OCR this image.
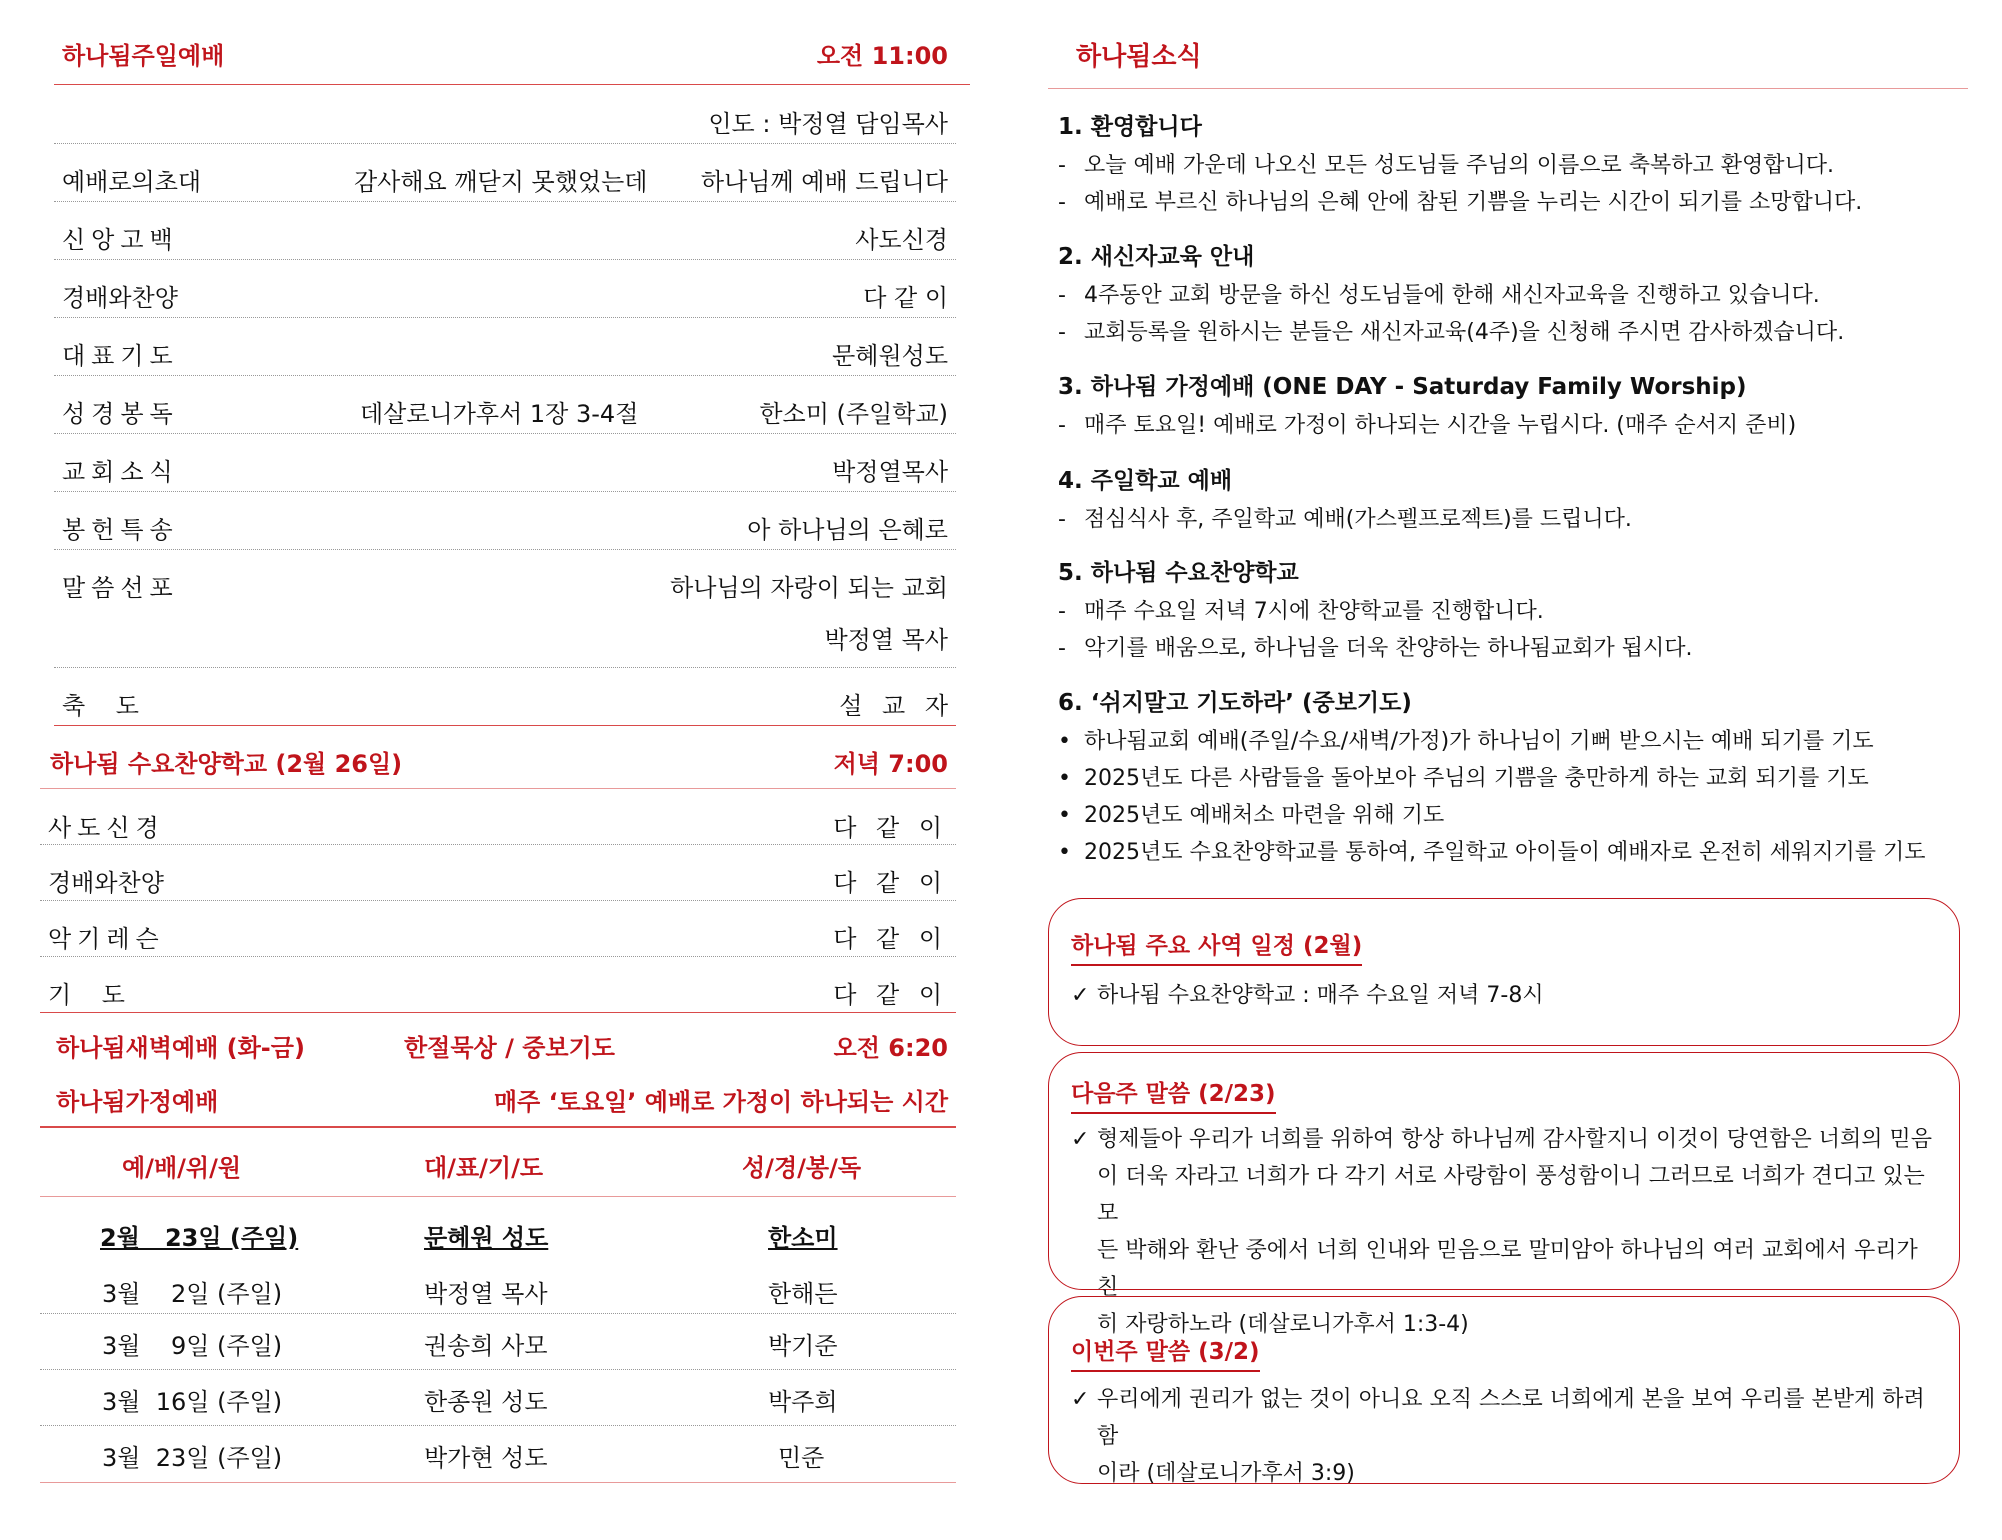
하나됨주일예배	오전 11:00
인도 : 박정열 담임목사
예배로의초대	감사해요 깨닫지 못했었는데 하나님께 예배 드립니다
신앙고백	사도신경
경배와찬양	다 같 이
대표기도	문혜원성도
성경봉독	데살로니가후서 1장 3-4절	한소미 (주일학교)
교회소식	박정열목사
봉헌특송	아 하나님의 은혜로
말씀선포	하나님의 자랑이 되는 교회
박정열 목사
축    도	설 교 자
하나됨 수요찬양학교 (2월 26일)	저녁 7:00
사도신경	다 같 이
경배와찬양	다 같 이
악기레슨	다 같 이
기    도	다 같 이
하나됨새벽예배 (화-금)	한절묵상 / 중보기도	오전 6:20
하나됨가정예배	매주 ‘토요일’ 예배로 가정이 하나되는 시간
예/배/위/원	대/표/기/도	성/경/봉/독
2월   23일 (주일)	문혜원 성도	한소미
3월    2일 (주일)	박정열 목사	한해든
3월    9일 (주일)	권송희 사모	박기준
3월  16일 (주일)	한종원 성도	박주희
3월  23일 (주일)	박가현 성도	민준
하나됨소식
1. 환영합니다
- 오늘 예배 가운데 나오신 모든 성도님들 주님의 이름으로 축복하고 환영합니다.
- 예배로 부르신 하나님의 은혜 안에 참된 기쁨을 누리는 시간이 되기를 소망합니다.
2. 새신자교육 안내
- 4주동안 교회 방문을 하신 성도님들에 한해 새신자교육을 진행하고 있습니다.
- 교회등록을 원하시는 분들은 새신자교육(4주)을 신청해 주시면 감사하겠습니다.
3. 하나됨 가정예배 (ONE DAY - Saturday Family Worship)
- 매주 토요일! 예배로 가정이 하나되는 시간을 누립시다. (매주 순서지 준비)
4. 주일학교 예배
- 점심식사 후, 주일학교 예배(가스펠프로젝트)를 드립니다.
5. 하나됨 수요찬양학교
- 매주 수요일 저녁 7시에 찬양학교를 진행합니다.
- 악기를 배움으로, 하나님을 더욱 찬양하는 하나됨교회가 됩시다.
6. ‘쉬지말고 기도하라’ (중보기도)
• 하나됨교회 예배(주일/수요/새벽/가정)가 하나님이 기뻐 받으시는 예배 되기를 기도
• 2025년도 다른 사람들을 돌아보아 주님의 기쁨을 충만하게 하는 교회 되기를 기도
• 2025년도 예배처소 마련을 위해 기도
• 2025년도 수요찬양학교를 통하여, 주일학교 아이들이 예배자로 온전히 세워지기를 기도
하나됨 주요 사역 일정 (2월)
✓ 하나됨 수요찬양학교 : 매주 수요일 저녁 7-8시
다음주 말씀 (2/23)
✓ 형제들아 우리가 너희를 위하여 항상 하나님께 감사할지니 이것이 당연함은 너희의 믿음
이 더욱 자라고 너희가 다 각기 서로 사랑함이 풍성함이니 그러므로 너희가 견디고 있는 모
든 박해와 환난 중에서 너희 인내와 믿음으로 말미암아 하나님의 여러 교회에서 우리가 친
히 자랑하노라 (데살로니가후서 1:3-4)
이번주 말씀 (3/2)
✓ 우리에게 권리가 없는 것이 아니요 오직 스스로 너희에게 본을 보여 우리를 본받게 하려 함
이라 (데살로니가후서 3:9)
